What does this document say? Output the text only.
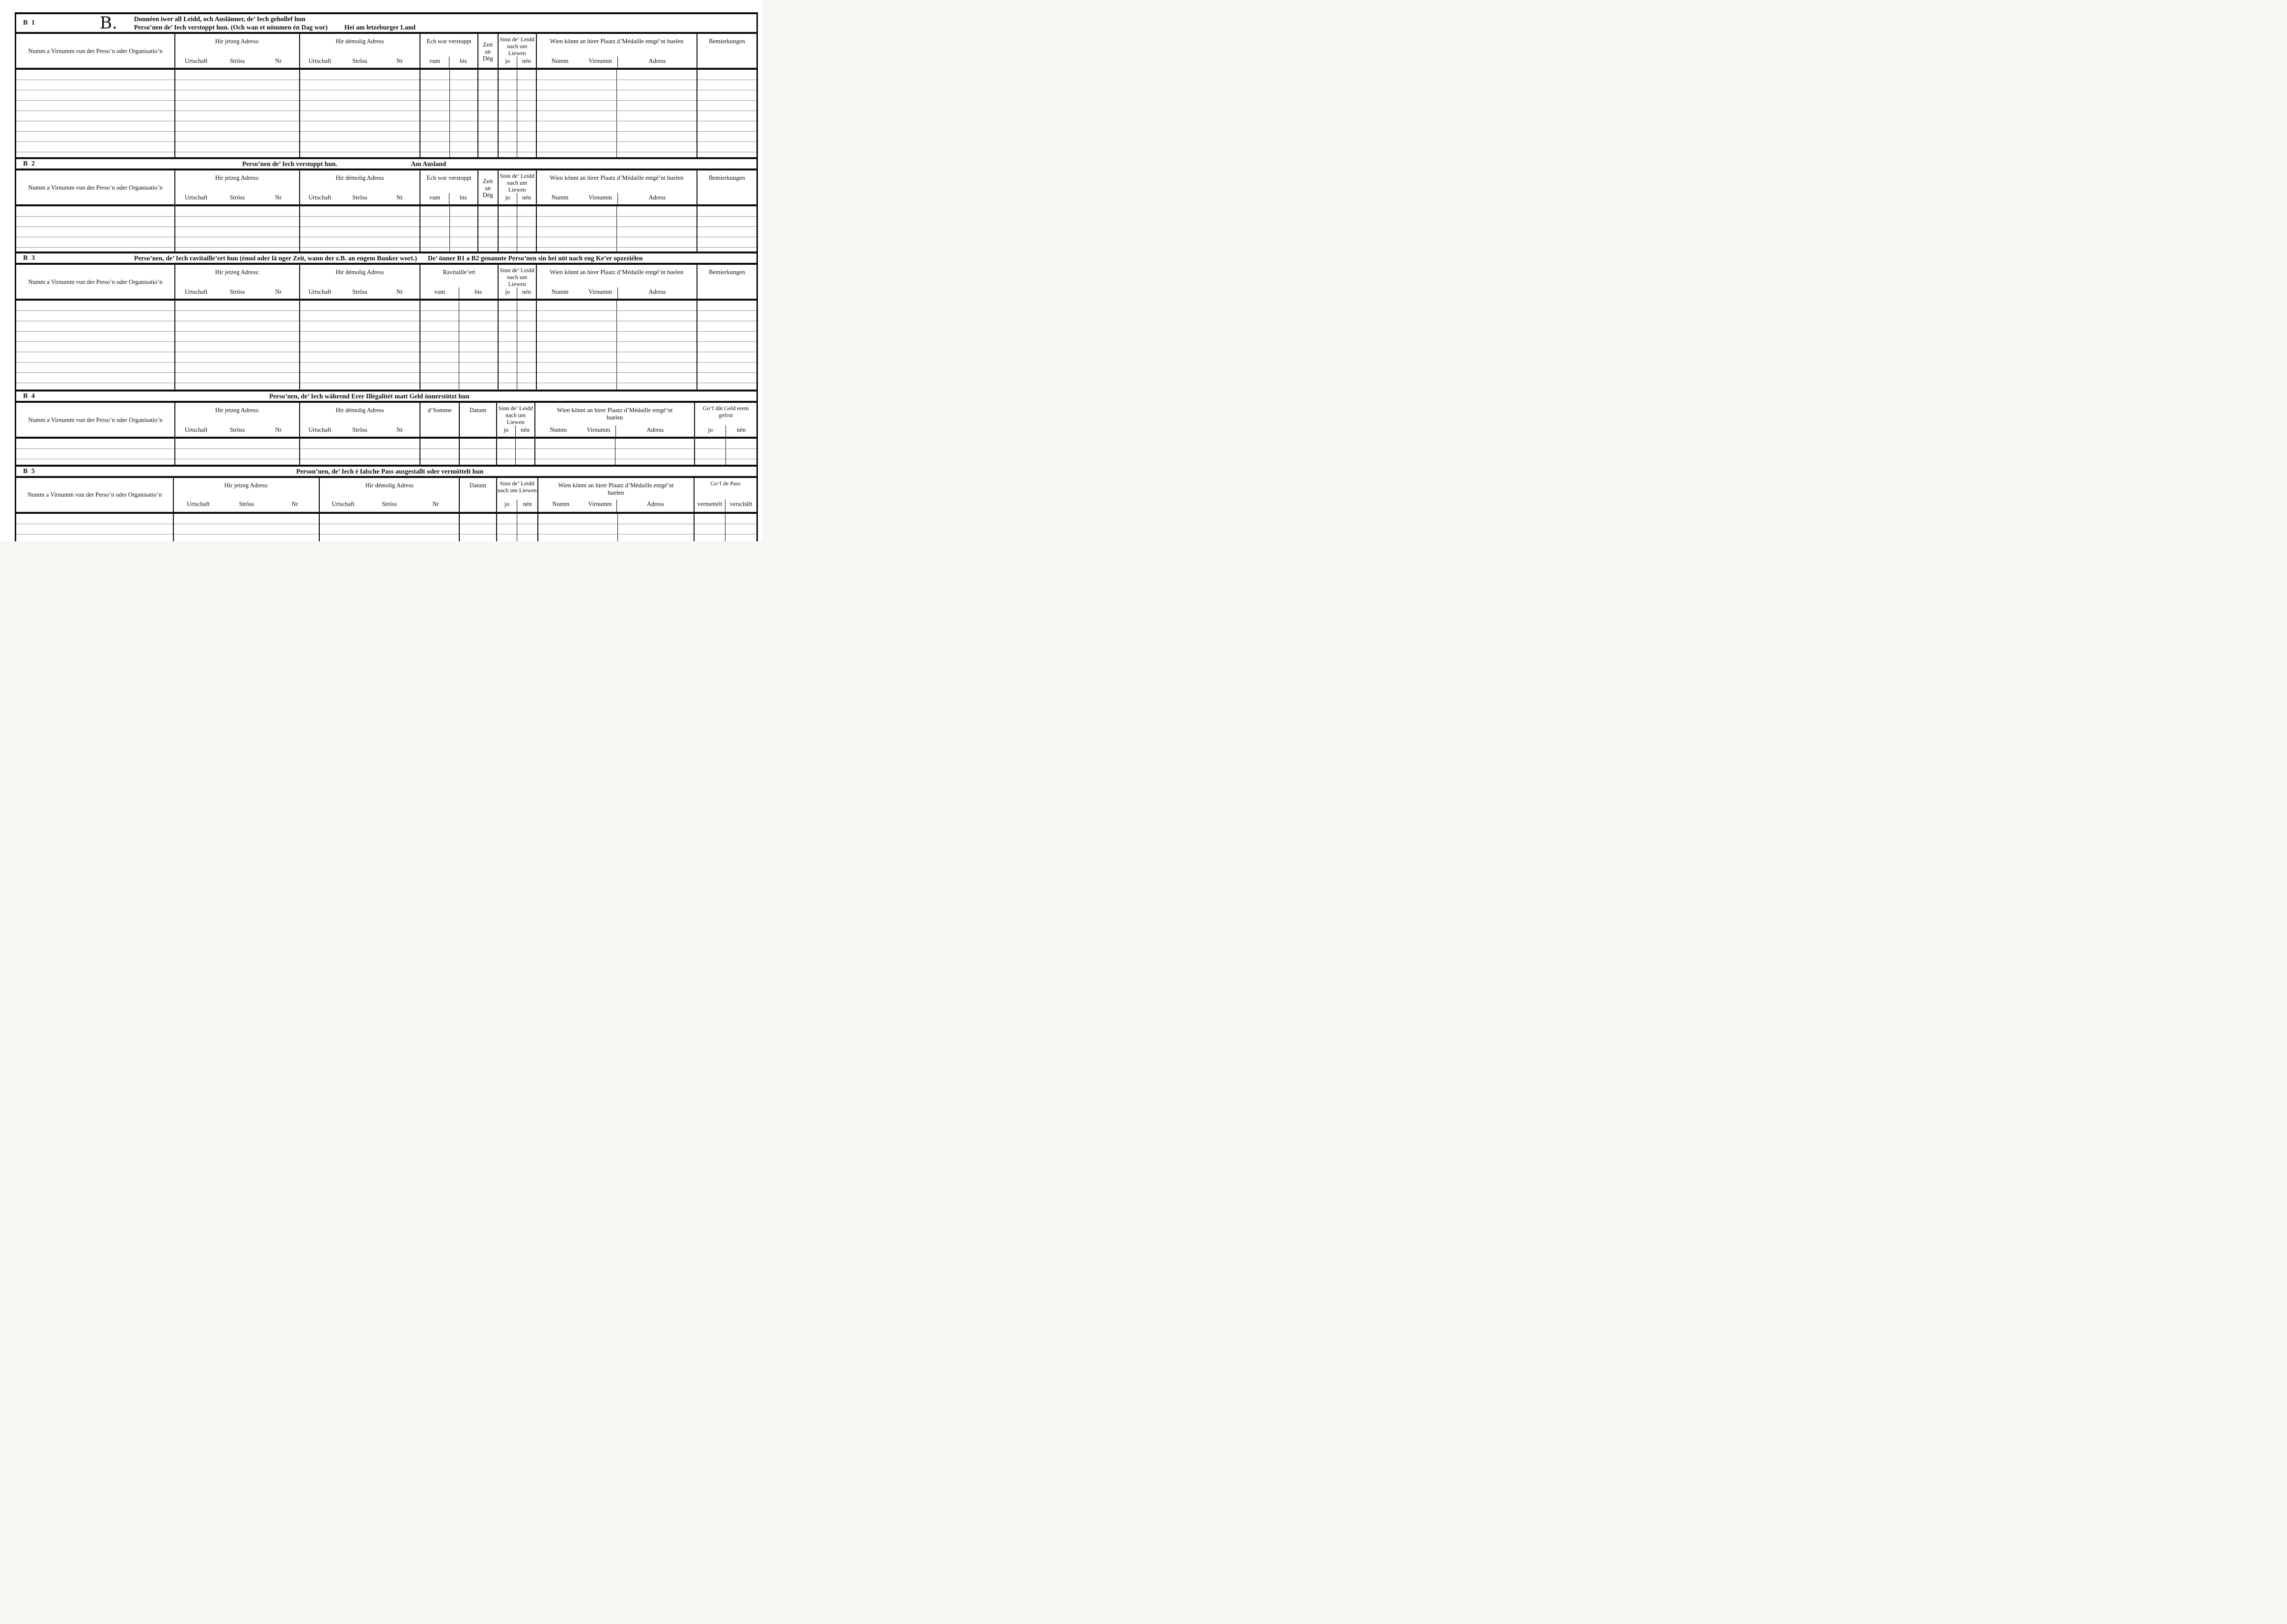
B 1	B.	Donnéen iwer all Leidd, och Auslänner, de’ Iech gehollef hun
Perso’nen de’ Iech verstoppt hun. (Och wan et nömmen én Dag wor)	Hei am letzeburger Land
Numm a Virnumm vun der Perso’n oder Organisatio’n
Hir jetzeg Adress:
Urtschaft	Strôss	Nr
Hir démolig Adress
Urtschaft	Strôss	Nr
Ech war verstoppt
vum	bis
Zeit an Dég
Sinn de’ Leidd nach um Liewen
jo	nén
Wien könnt an hirer Plaatz d’Médaille entgé’nt huelen
Numm	Virnumm	Adress
Bemierkungen
B 2	Perso’nen de’ Iech verstoppt hun.	Am Ausland
Numm a Virnumm vun der Perso’n oder Organisatio’n
Hir jetzeg Adress:
Urtschaft	Strôss	Nr
Hir démolig Adress
Urtschaft	Strôss	Nr
Ech war verstoppt
vum	bis
Zeit an Dég
Sinn de’ Leidd nach um Liewen
jo	nén
Wien könnt an hirer Plaatz d’Médaille entgé’nt huelen
Numm	Virnumm	Adress
Bemierkungen
B 3	Perso’nen, de’ Iech ravitaille’ert hun (émol oder lä nger Zeit, wann der z.B. an engem Bunker wort.) De’ önner B1 a B2 genannte Perso’nen sin hei nöt nach eng Ke’er opzeziélen
Numm a Virnumm vun der Perso’n oder Organisatio’n
Hir jetzeg Adress:
Urtschaft	Strôss	Nr
Hir démolig Adress
Urtschaft	Strôss	Nr
Ravitaille’ert
vum	bis
Sinn de’ Leidd nach um Liewen
jo	nén
Wien könnt an hirer Plaatz d’Médaille entgé’nt huelen
Numm	Virnumm	Adress
Bemierkungen
B 4	Perso’nen, de’ Iech während Erer Illégalitét matt Geld önnerstötzt hun
Numm a Virnumm vun der Perso’n oder Organisatio’n
Hir jetzeg Adress:
Urtschaft	Strôss	Nr
Hir démolig Adress
Urtschaft	Strôss	Nr
d’Somme	Datum	Sinn de’ Leidd nach um Liewen
jo	nén
Wien könnt an hirer Plaatz d’Médaille entgé’nt huelen
Numm	Virnumm	Adress
Go’f dât Geld erem gefrot
jo	nén
B 5	Person’nen, de’ Iech é falsche Pass ausgestallt oder vermöttelt hun
Numm a Virnumm vun der Perso’n oder Organisatio’n
Hir jetzeg Adress:
Urtschaft	Strôss	Nr
Hir démolig Adress
Urtschaft	Strôss	Nr
Datum	Sinn de’ Leidd nach um Liewen
jo	nén
Wien könnt an hirer Plaatz d’Médaille entgé’nt huelen
Numm	Virnumm	Adress
Go’f de Pass
vermettelt	verschâft
